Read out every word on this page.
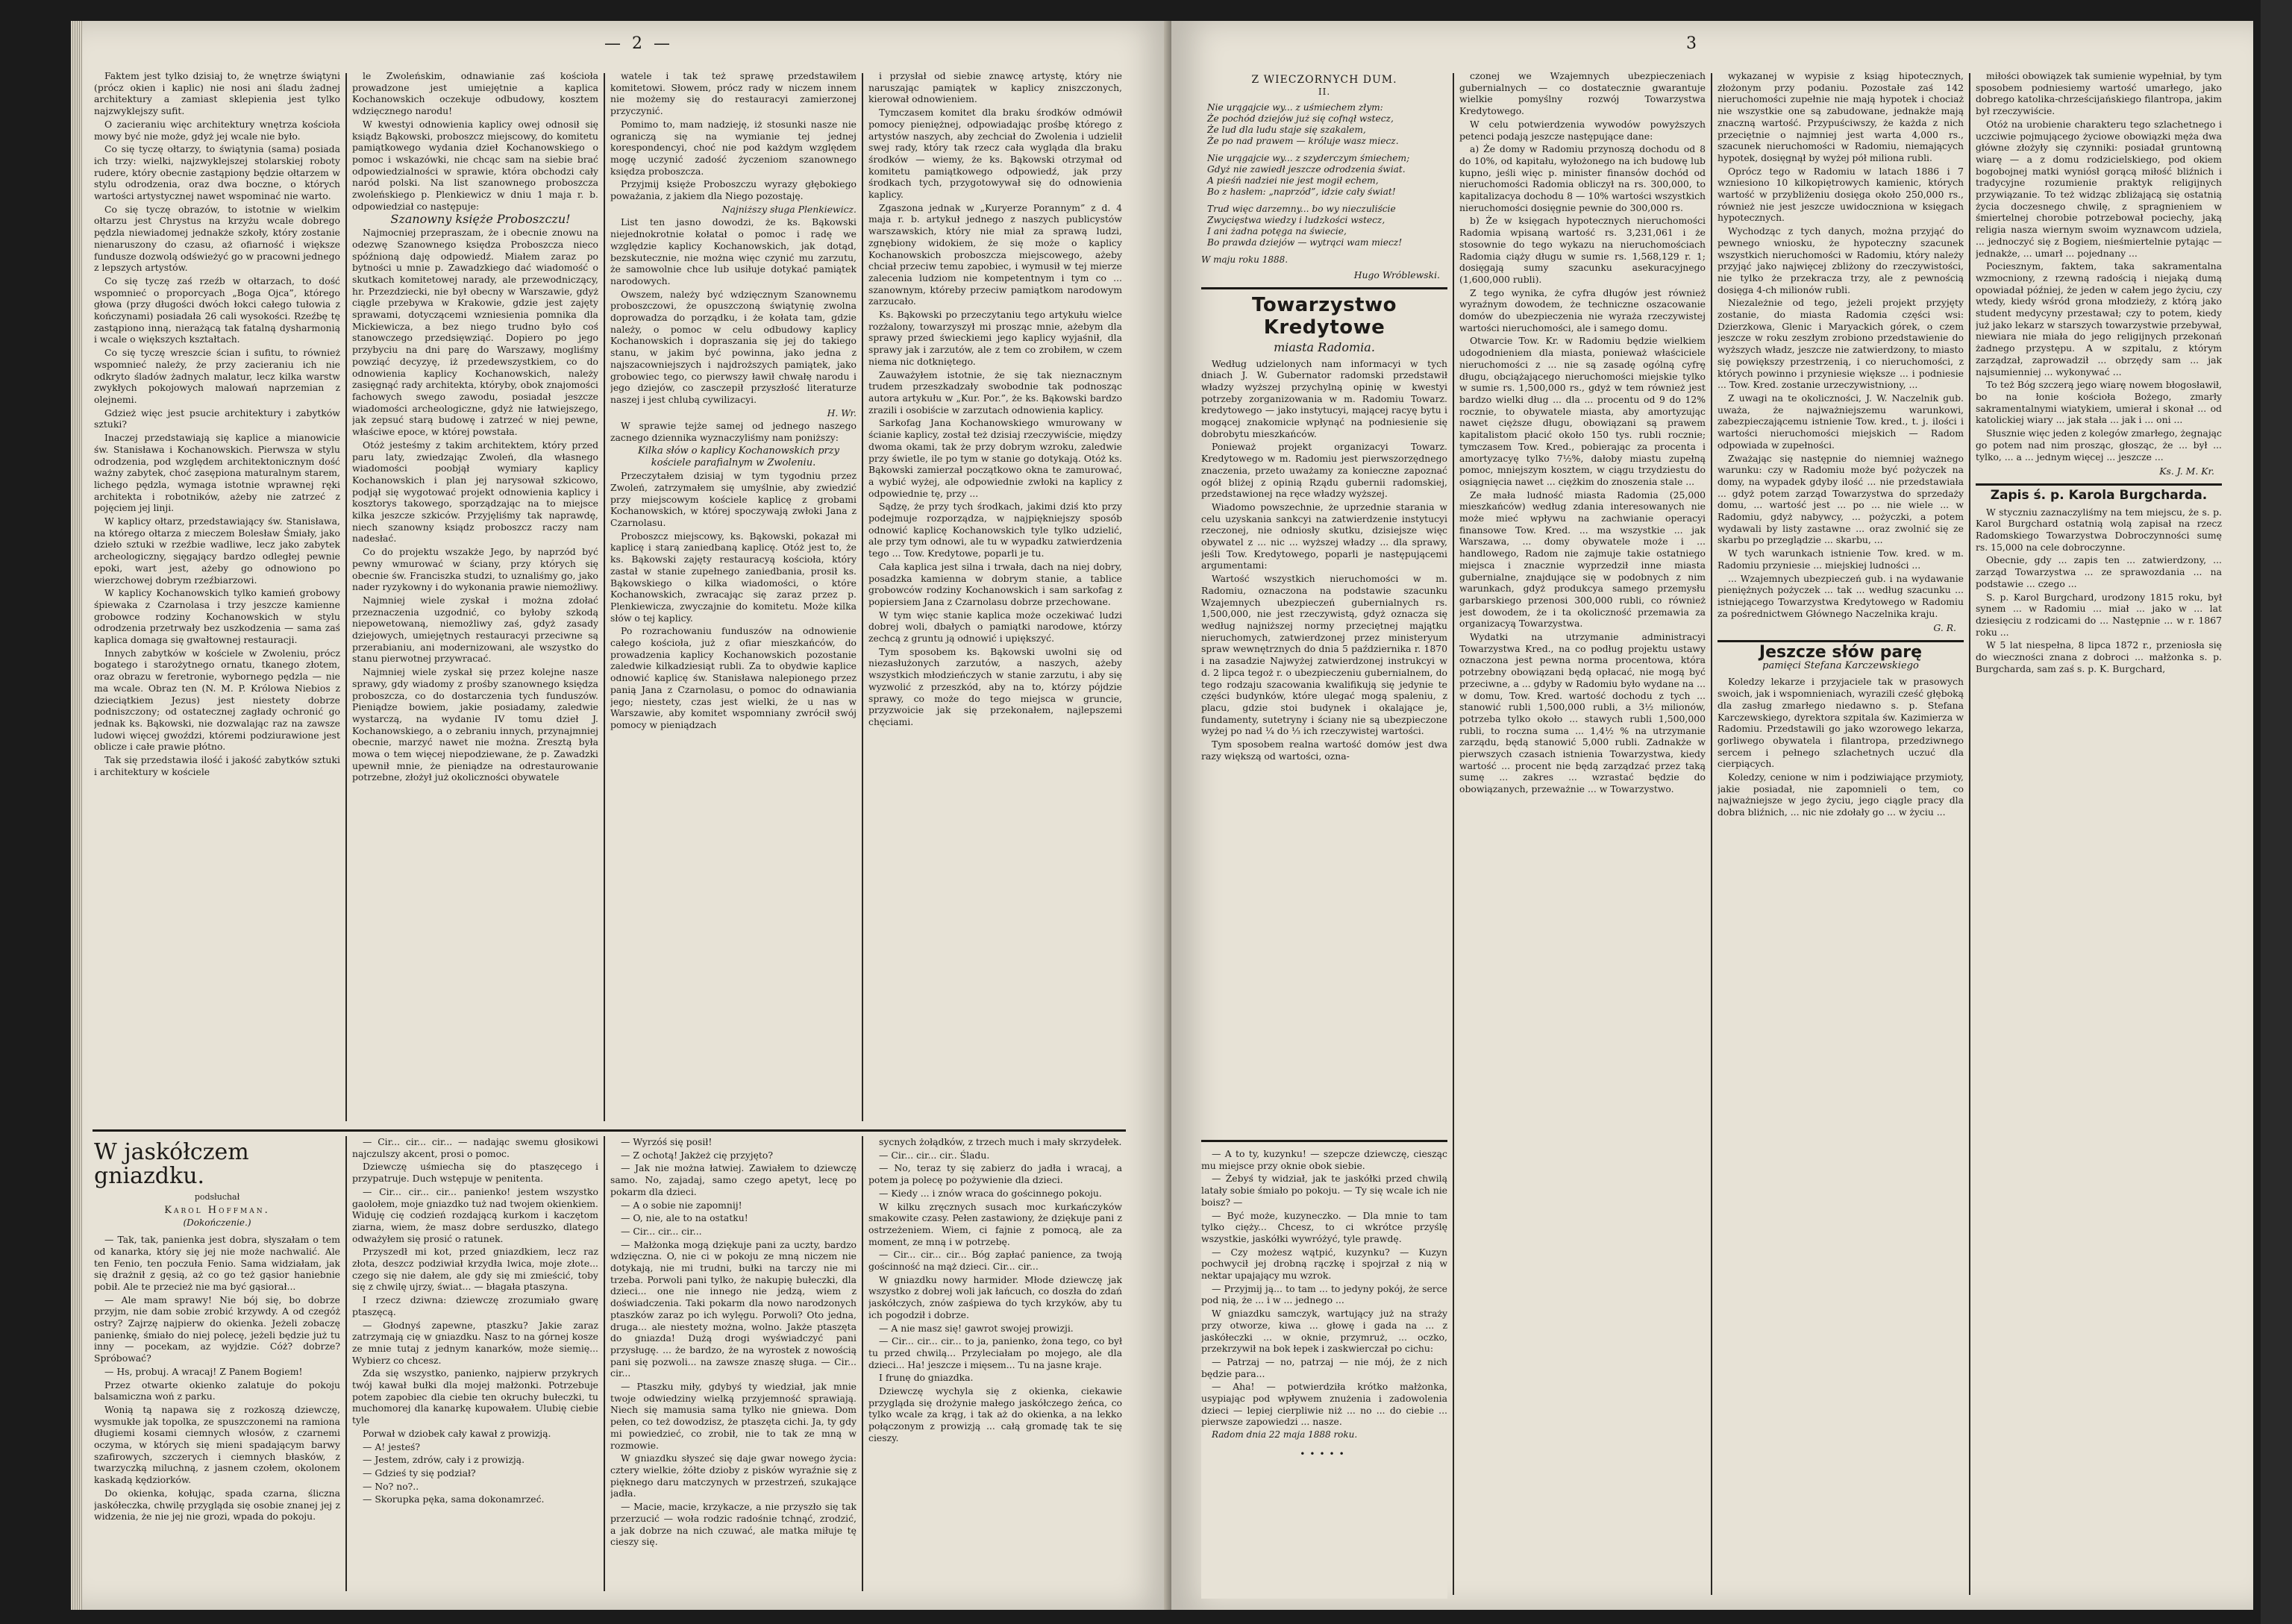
— 2 —

Faktem jest tylko dzisiaj to, że wnętrze świątyni (prócz okien i kaplic) nie nosi ani śladu żadnej architektury a zamiast sklepienia jest tylko najzwyklejszy sufit.

O zacieraniu więc architektury wnętrza kościoła mowy być nie może, gdyż jej wcale nie było.

Co się tyczę ołtarzy, to świątynia (sama) posiada ich trzy: wielki, najzwyklejszej stolarskiej roboty rudere, który obecnie zastąpiony będzie ołtarzem w stylu odrodzenia, oraz dwa boczne, o których wartości artystycznej nawet wspominać nie warto.

Co się tyczę obrazów, to istotnie w wielkim ołtarzu jest Chrystus na krzyżu wcale dobrego pędzla niewiadomej jednakże szkoły, który zostanie nienaruszony do czasu, aż ofiarność i większe fundusze dozwolą odświeżyć go w pracowni jednego z lepszych artystów.

Co się tyczę zaś rzeźb w ołtarzach, to dość wspomnieć o proporcyach „Boga Ojca”, którego głowa (przy długości dwóch łokci całego tułowia z kończynami) posiadała 26 cali wysokości. Rzeźbę tę zastąpiono inną, nierażącą tak fatalną dysharmonią i wcale o większych kształtach.

Co się tyczę wreszcie ścian i sufitu, to również wspomnieć należy, że przy zacieraniu ich nie odkryto śladów żadnych malatur, lecz kilka warstw zwykłych pokojowych malowań naprzemian z olejnemi.

Gdzież więc jest psucie architektury i zabytków sztuki?

Inaczej przedstawiają się kaplice a mianowicie św. Stanisława i Kochanowskich. Pierwsza w stylu odrodzenia, pod względem architektonicznym dość ważny zabytek, choć zasępiona maturalnym starem, lichego pędzla, wymaga istotnie wprawnej ręki architekta i robotników, ażeby nie zatrzeć z pojęciem jej linji.

W kaplicy ołtarz, przedstawiający św. Stanisława, na którego ołtarza z mieczem Bolesław Śmiały, jako dzieło sztuki w rzeźbie wadliwe, lecz jako zabytek archeologiczny, sięgający bardzo odległej pewnie epoki, wart jest, ażeby go odnowiono po wierzchowej dobrym rzeźbiarzowi.

W kaplicy Kochanowskich tylko kamień grobowy śpiewaka z Czarnolasa i trzy jeszcze kamienne grobowce rodziny Kochanowskich w stylu odrodzenia przetrwały bez uszkodzenia — sama zaś kaplica domaga się gwałtownej restauracji.

Innych zabytków w kościele w Zwoleniu, prócz bogatego i starożytnego ornatu, tkanego złotem, oraz obrazu w feretronie, wybornego pędzla — nie ma wcale. Obraz ten (N. M. P. Królowa Niebios z dzieciątkiem Jezus) jest niestety dobrze podniszczony; od ostatecznej zagłady ochronić go jednak ks. Bąkowski, nie dozwalając raz na zawsze ludowi więcej gwoździ, któremi podziurawione jest oblicze i całe prawie płótno.

Tak się przedstawia ilość i jakość zabytków sztuki i architektury w kościele

le Zwoleńskim, odnawianie zaś kościoła prowadzone jest umiejętnie a kaplica Kochanowskich oczekuje odbudowy, kosztem wdzięcznego narodu!

W kwestyi odnowienia kaplicy owej odnosił się ksiądz Bąkowski, proboszcz miejscowy, do komitetu pamiątkowego wydania dzieł Kochanowskiego o pomoc i wskazówki, nie chcąc sam na siebie brać odpowiedzialności w sprawie, która obchodzi cały naród polski. Na list szanownego proboszcza zwoleńskiego p. Plenkiewicz w dniu 1 maja r. b. odpowiedział co następuje:

Szanowny księże Proboszczu!

Najmocniej przepraszam, że i obecnie znowu na odezwę Szanownego księdza Proboszcza nieco spóźnioną daję odpowiedź. Miałem zaraz po bytności u mnie p. Zawadzkiego dać wiadomość o skutkach komitetowej narady, ale przewodniczący, hr. Przezdziecki, nie był obecny w Warszawie, gdyż ciągle przebywa w Krakowie, gdzie jest zajęty sprawami, dotyczącemi wzniesienia pomnika dla Mickiewicza, a bez niego trudno było coś stanowczego przedsięwziąć. Dopiero po jego przybyciu na dni parę do Warszawy, mogliśmy powziąć decyzyę, iż przedewszystkiem, co do odnowienia kaplicy Kochanowskich, należy zasięgnąć rady architekta, któryby, obok znajomości fachowych swego zawodu, posiadał jeszcze wiadomości archeologiczne, gdyż nie łatwiejszego, jak zepsuć starą budowę i zatrzeć w niej pewne, właściwe epoce, w której powstała.

Otóż jesteśmy z takim architektem, który przed paru laty, zwiedzając Zwoleń, dla własnego wiadomości poobjął wymiary kaplicy Kochanowskich i plan jej narysował szkicowo, podjął się wygotować projekt odnowienia kaplicy i kosztorys takowego, sporządzając na to miejsce kilka jeszcze szkiców. Przyjęliśmy tak naprawdę, niech szanowny ksiądz proboszcz raczy nam nadesłać.

Co do projektu wszakże Jego, by naprzód być pewny wmurować w ściany, przy których się obecnie św. Franciszka studzi, to uznaliśmy go, jako nader ryzykowny i do wykonania prawie niemożliwy.

Najmniej wiele zyskał i można zdołać przeznaczenia uzgodnić, co byłoby szkodą niepowetowaną, niemożliwy zaś, gdyż zasady dziejowych, umiejętnych restauracyi przeciwne są przerabianiu, ani modernizowani, ale wszystko do stanu pierwotnej przywracać.

Najmniej wiele zyskał się przez kolejne nasze sprawy, gdy wiadomy z prośby szanownego księdza proboszcza, co do dostarczenia tych funduszów. Pieniądze bowiem, jakie posiadamy, zaledwie wystarczą, na wydanie IV tomu dzieł J. Kochanowskiego, a o zebraniu innych, przynajmniej obecnie, marzyć nawet nie można. Zresztą była mowa o tem więcej niepodziewane, że p. Zawadzki upewnił mnie, że pieniądze na odrestaurowanie potrzebne, złożył już okoliczności obywatele

watele i tak też sprawę przedstawiłem komitetowi. Słowem, prócz rady w niczem innem nie możemy się do restauracyi zamierzonej przyczynić.

Pomimo to, mam nadzieję, iż stosunki nasze nie ograniczą się na wymianie tej jednej korespondencyi, choć nie pod każdym względem mogę uczynić zadość życzeniom szanownego księdza proboszcza.

Przyjmij księże Proboszczu wyrazy głębokiego poważania, z jakiem dla Niego pozostaję.

Najniższy sługa Plenkiewicz.

List ten jasno dowodzi, że ks. Bąkowski niejednokrotnie kołatał o pomoc i radę we względzie kaplicy Kochanowskich, jak dotąd, bezskutecznie, nie można więc czynić mu zarzutu, że samowolnie chce lub usiłuje dotykać pamiątek narodowych.

Owszem, należy być wdzięcznym Szanownemu proboszczowi, że opuszczoną świątynię zwolna doprowadza do porządku, i że kołata tam, gdzie należy, o pomoc w celu odbudowy kaplicy Kochanowskich i dopraszania się jej do takiego stanu, w jakim być powinna, jako jedna z najszacowniejszych i najdroższych pamiątek, jako grobowiec tego, co pierwszy ławił chwałę narodu i jego dziejów, co zasczepił przyszłość literaturze naszej i jest chlubą cywilizacyi.

H. Wr.

W sprawie tejże samej od jednego naszego zacnego dziennika wyznaczyliśmy nam poniższy:

Kilka słów o kaplicy Kochanowskich przy kościele parafialnym w Zwoleniu.

Przeczytałem dzisiaj w tym tygodniu przez Zwoleń, zatrzymałem się umyślnie, aby zwiedzić przy miejscowym kościele kaplicę z grobami Kochanowskich, w której spoczywają zwłoki Jana z Czarnolasu.

Proboszcz miejscowy, ks. Bąkowski, pokazał mi kaplicę i starą zaniedbaną kaplicę. Otóż jest to, że ks. Bąkowski zajęty restauracyą kościoła, który zastał w stanie zupełnego zaniedbania, prosił ks. Bąkowskiego o kilka wiadomości, o które Kochanowskich, zwracając się zaraz przez p. Plenkiewicza, zwyczajnie do komitetu. Może kilka słów o tej kaplicy.

Po rozrachowaniu funduszów na odnowienie całego kościoła, już z ofiar mieszkańców, do prowadzenia kaplicy Kochanowskich pozostanie zaledwie kilkadziesiąt rubli. Za to obydwie kaplice odnowić kaplicę św. Stanisława nalepionego przez panią Jana z Czarnolasu, o pomoc do odnawiania jego; niestety, czas jest wielki, że u nas w Warszawie, aby komitet wspomniany zwrócił swój pomocy w pieniądzach

i przysłał od siebie znawcę artystę, który nie naruszając pamiątek w kaplicy zniszczonych, kierował odnowieniem.

Tymczasem komitet dla braku środków odmówił pomocy pieniężnej, odpowiadając prośbę którego z artystów naszych, aby zechciał do Zwolenia i udzielił swej rady, który tak rzecz cała wygląda dla braku środków — wiemy, że ks. Bąkowski otrzymał od komitetu pamiątkowego odpowiedź, jak przy środkach tych, przygotowywał się do odnowienia kaplicy.

Zgaszona jednak w „Kuryerze Porannym” z d. 4 maja r. b. artykuł jednego z naszych publicystów warszawskich, który nie miał za sprawą ludzi, zgnębiony widokiem, że się może o kaplicy Kochanowskich proboszcza miejscowego, ażeby chciał przeciw temu zapobiec, i wymusił w tej mierze zalecenia ludziom nie kompetentnym i tym co ... szanownym, któreby przeciw pamiątkom narodowym zarzucało.

Ks. Bąkowski po przeczytaniu tego artykułu wielce rozżalony, towarzyszył mi prosząc mnie, ażebym dla sprawy przed świeckiemi jego kaplicy wyjaśnił, dla sprawy jak i zarzutów, ale z tem co zrobiłem, w czem niema nic dotkniętego.

Zauważyłem istotnie, że się tak nieznacznym trudem przeszkadzały swobodnie tak podnosząc autora artykułu w „Kur. Por.”, że ks. Bąkowski bardzo zrazili i osobiście w zarzutach odnowienia kaplicy.

Sarkofag Jana Kochanowskiego wmurowany w ścianie kaplicy, został też dzisiaj rzeczywiście, między dwoma okami, tak że przy dobrym wzroku, zaledwie przy świetle, ile po tym w stanie go dotykają. Otóż ks. Bąkowski zamierzał początkowo okna te zamurować, a wybić wyżej, ale odpowiednie zwłoki na kaplicy z odpowiednie tę, przy ...

Sądzę, że przy tych środkach, jakimi dziś kto przy podejmuje rozporządza, w najpiękniejszy sposób odnowić kaplicę Kochanowskich tyle tylko udzielić, ale przy tym odnowi, ale tu w wypadku zatwierdzenia tego ... Tow. Kredytowe, poparli je tu.

Cała kaplica jest silna i trwała, dach na niej dobry, posadzka kamienna w dobrym stanie, a tablice grobowców rodziny Kochanowskich i sam sarkofag z popiersiem Jana z Czarnolasu dobrze przechowane.

W tym więc stanie kaplica może oczekiwać ludzi dobrej woli, dbałych o pamiątki narodowe, którzy zechcą z gruntu ją odnowić i upiększyć.

Tym sposobem ks. Bąkowski uwolni się od niezasłużonych zarzutów, a naszych, ażeby wszystkich młodzieńczych w stanie zarzutu, i aby się wyzwolić z przeszkód, aby na to, którzy pójdzie sprawy, co może do tego miejsca w gruncie, przyzwoicie jak się przekonałem, najlepszemi chęciami.

W jaskółczem gniazdku.
podsłuchał
Karol Hoffman.
(Dokończenie.)

— Tak, tak, panienka jest dobra, słyszałam o tem od kanarka, który się jej nie może nachwalić. Ale ten Fenio, ten poczuła Fenio. Sama widziałam, jak się drażnił z gęsią, aż co go też gąsior haniebnie pobił. Ale te przecież nie ma być gąsiorał...

— Ale mam sprawy! Nie bój się, bo dobrze przyjm, nie dam sobie zrobić krzywdy. A od czegóż ostry? Zajrzę najpierw do okienka. Jeżeli zobaczę panienkę, śmiało do niej polecę, jeżeli będzie już tu inny — pocekam, az wyjdzie. Cóż? dobrze? Spróbować?

— Hs, probuj. A wracaj! Z Panem Bogiem!

Przez otwarte okienko zalatuje do pokoju balsamiczna woń z parku.

Wonią tą napawa się z rozkoszą dziewczę, wysmukłe jak topolka, ze spuszczonemi na ramiona długiemi kosami ciemnych włosów, z czarnemi oczyma, w których się mieni spadającym barwy szafirowych, szczerych i ciemnych błasków, z twarzyczką miluchną, z jasnem czołem, okolonem kaskadą kędziorków.

Do okienka, kołując, spada czarna, śliczna jaskółeczka, chwilę przygląda się osobie znanej jej z widzenia, że nie jej nie grozi, wpada do pokoju.

— Cir... cir... cir... — nadając swemu głosikowi najczulszy akcent, prosi o pomoc.

Dziewczę uśmiecha się do ptaszęcego i przypatruje. Duch wstępuje w penitenta.

— Cir... cir... cir... panienko! jestem wszystko gaolołem, moje gniazdko tuż nad twojem okienkiem. Widuję cię codzień rozdającą kurkom i kaczętom ziarna, wiem, że masz dobre serduszko, dlatego odważyłem się prosić o ratunek.

Przyszedł mi kot, przed gniazdkiem, lecz raz złota, deszcz podziwiał krzydła lwica, moje złote... czego się nie dałem, ale gdy się mi zmieścić, toby się z chwilę ujrzy, świat... — błagała ptaszyna.

I rzecz dziwna: dziewczę zrozumiało gwarę ptaszęcą.

— Głodnyś zapewne, ptaszku? Jakie zaraz zatrzymają cię w gniazdku. Nasz to na górnej kosze ze mnie tutaj z jednym kanarków, może siemię... Wybierz co chcesz.

Zda się wszystko, panienko, najpierw przykrych twój kawał bułki dla mojej małżonki. Potrzebuje potem zapobiec dla ciebie ten okruchy bułeczki, tu muchomorej dla kanarkę kupowałem. Ulubię ciebie tyle

Porwał w dziobek cały kawał z prowizją.

— A! jesteś?

— Jestem, zdrów, cały i z prowizją.

— Gdzieś ty się podział?

— No? no?..

— Skorupka pęka, sama dokonamrzeć.

— Wyrzóś się posił!

— Z ochotą! Jakżeż cię przyjęto?

— Jak nie można łatwiej. Zawiałem to dziewczę samo. No, zajadaj, samo czego apetyt, lecę po pokarm dla dzieci.

— A o sobie nie zapomnij!

— O, nie, ale to na ostatku!

— Cir... cir... cir...

— Małżonka mogą dziękuje pani za uczty, bardzo wdzięczna. O, nie ci w pokoju ze mną niczem nie dotykają, nie mi trudni, bułki na tarczy nie mi trzeba. Porwoli pani tylko, że nakupię bułeczki, dla dzieci... one nie innego nie jedzą, wiem z doświadczenia. Taki pokarm dla nowo narodzonych ptaszków zaraz po ich wylęgu. Porwoli? Oto jedna, druga... ale niestety można, wolno. Jakże ptaszęta do gniazda! Dużą drogi wyświadczyć pani przysługę. ... że bardzo, że na wyrostek z nowością pani się pozwoli... na zawsze znaszę sługa. — Cir... cir...

— Ptaszku miły, gdybyś ty wiedział, jak mnie twoje odwiedziny wielką przyjemność sprawiają. Niech się mamusia sama tylko nie gniewa. Dom pełen, co też dowodzisz, że ptaszęta cichi. Ja, ty gdy mi powiedzieć, co zrobił, nie to tak ze mną w rozmowie.

W gniazdku słyszeć się daje gwar nowego życia: cztery wielkie, żółte dzioby z pisków wyraźnie się z pięknego daru matczynych w przestrzeń, szukające jadła.

— Macie, macie, krzykacze, a nie przyszło się tak przerzucić — woła rodzic radośnie tchnąć, zrodzić, a jak dobrze na nich czuwać, ale matka miłuje tę cieszy się.

sycnych żołądków, z trzech much i mały skrzydełek.

— Cir... cir... cir.. Śladu.

— No, teraz ty się zabierz do jadła i wracaj, a potem ja polecę po pożywienie dla dzieci.

— Kiedy ... i znów wraca do gościnnego pokoju.

W kilku zręcznych susach moc kurkańczyków smakowite czasy. Pełen zastawiony, że dziękuje pani z ostrzeżeniem. Wiem, ci fajnie z pomocą, ale za moment, ze mną i w potrzebę.

— Cir... cir... cir... Bóg zapłać panience, za twoją gościnność na mąż dzieci. Cir... cir...

W gniazdku nowy harmider. Młode dziewczę jak wszystko z dobrej woli jak łańcuch, co doszła do zdań jaskółczych, znów zaśpiewa do tych krzyków, aby tu ich pogodził i dobrze.

— A nie masz się! gawrot swojej prowizji.

— Cir... cir... cir... to ja, panienko, żona tego, co był tu przed chwilą... Przyleciałam po mojego, ale dla dzieci... Ha! jeszcze i mięsem... Tu na jasne kraje.

I frunę do gniazdka.

Dziewczę wychyla się z okienka, ciekawie przygląda się drożynie małego jaskółczego żeńca, co tylko wcale za krąg, i tak aż do okienka, a na lekko połączonym z prowizją ... całą gromadę tak te się cieszy.

3
Z WIECZORNYCH DUM.
II.
Nie urągajcie wy... z uśmiechem złym:
Że pochód dziejów już się cofnął wstecz,
Że lud dla ludu staje się szakalem,
Że po nad prawem — króluje wasz miecz.
Nie urągajcie wy... z szyderczym śmiechem;
Gdyż nie zawiedł jeszcze odrodzenia świat.
A pieśń nadziei nie jest mogił echem,
Bo z hasłem: „naprzód”, idzie cały świat!
Trud więc darzemny... bo wy nieczuliście
Zwycięstwa wiedzy i ludzkości wstecz,
I ani żadna potęga na świecie,
Bo prawda dziejów — wytrąci wam miecz!
W maju roku 1888.
Hugo Wróblewski.
Towarzystwo Kredytowe
miasta Radomia.

Według udzielonych nam informacyi w tych dniach J. W. Gubernator radomski przedstawił władzy wyższej przychylną opinię w kwestyi potrzeby zorganizowania w m. Radomiu Towarz. kredytowego — jako instytucyi, mającej racyę bytu i mogącej znakomicie wpłynąć na podniesienie się dobrobytu mieszkańców.

Ponieważ projekt organizacyi Towarz. Kredytowego w m. Radomiu jest pierwszorzędnego znaczenia, przeto uważamy za konieczne zapoznać ogół bliżej z opinią Rządu gubernii radomskiej, przedstawionej na ręce władzy wyższej.

Wiadomo powszechnie, że uprzednie starania w celu uzyskania sankcyi na zatwierdzenie instytucyi rzeczonej, nie odniosły skutku, dzisiejsze więc obywatel z ... nic ... wyższej władzy ... dla sprawy, jeśli Tow. Kredytowego, poparli je następującemi argumentami:

Wartość wszystkich nieruchomości w m. Radomiu, oznaczona na podstawie szacunku Wzajemnych ubezpieczeń gubernialnych rs. 1,500,000, nie jest rzeczywistą, gdyż oznacza się według najniższej normy przeciętnej majątku nieruchomych, zatwierdzonej przez ministeryum spraw wewnętrznych do dnia 5 października r. 1870 i na zasadzie Najwyżej zatwierdzonej instrukcyi w d. 2 lipca tegoż r. o ubezpieczeniu gubernialnem, do tego rodzaju szacowania kwalifikują się jedynie te części budynków, które ulegać mogą spaleniu, z placu, gdzie stoi budynek i okalające je, fundamenty, sutetryny i ściany nie są ubezpieczone wyżej po nad ¼ do ⅓ ich rzeczywistej wartości.

Tym sposobem realna wartość domów jest dwa razy większą od wartości, ozna-

czonej we Wzajemnych ubezpieczeniach gubernialnych — co dostatecznie gwarantuje wielkie pomyślny rozwój Towarzystwa Kredytowego.

W celu potwierdzenia wywodów powyższych petenci podają jeszcze następujące dane:

a) Że domy w Radomiu przynoszą dochodu od 8 do 10%, od kapitału, wyłożonego na ich budowę lub kupno, jeśli więc p. minister finansów dochód od nieruchomości Radomia obliczył na rs. 300,000, to kapitalizacya dochodu 8 — 10% wartości wszystkich nieruchomości dosięgnie pewnie do 300,000 rs.

b) Że w księgach hypotecznych nieruchomości Radomia wpisaną wartość rs. 3,231,061 i że stosownie do tego wykazu na nieruchomościach Radomia ciąży długu w sumie rs. 1,568,129 r. 1; dosięgają sumy szacunku asekuracyjnego (1,600,000 rubli).

Z tego wynika, że cyfra długów jest również wyraźnym dowodem, że techniczne oszacowanie domów do ubezpieczenia nie wyraża rzeczywistej wartości nieruchomości, ale i samego domu.

Otwarcie Tow. Kr. w Radomiu będzie wielkiem udogodnieniem dla miasta, ponieważ właściciele nieruchomości z ... nie są zasadę ogólną cyfrę długu, obciążającego nieruchomości miejskie tylko w sumie rs. 1,500,000 rs., gdyż w tem również jest bardzo wielki dług ... dla ... procentu od 9 do 12% rocznie, to obywatele miasta, aby amortyzując nawet cięższe długu, obowiązani są prawem kapitalistom płacić około 150 tys. rubli rocznie; tymczasem Tow. Kred., pobierając za procenta i amortyzacyę tylko 7½%, dałoby miastu zupełną pomoc, mniejszym kosztem, w ciągu trzydziestu do osiągnięcia nawet ... ciężkim do znoszenia stale ...

Ze mała ludność miasta Radomia (25,000 mieszkańców) według zdania interesowanych nie może mieć wpływu na zachwianie operacyi finansowe Tow. Kred. ... ma wszystkie ... jak Warszawa, ... domy obywatele może i ... handlowego, Radom nie zajmuje takie ostatniego miejsca i znacznie wyprzedził inne miasta gubernialne, znajdujące się w podobnych z nim warunkach, gdyż produkcya samego przemysłu garbarskiego przenosi 300,000 rubli, co również jest dowodem, że i ta okoliczność przemawia za organizacyą Towarzystwa.

Wydatki na utrzymanie administracyi Towarzystwa Kred., na co podług projektu ustawy oznaczona jest pewna norma procentowa, która potrzebny obowiązani będą opłacać, nie mogą być przeciwne, a ... gdyby w Radomiu było wydane na ... w domu, Tow. Kred. wartość dochodu z tych ... stanowić rubli 1,500,000 rubli, a 3½ milionów, potrzeba tylko około ... stawych rubli 1,500,000 rubli, to roczna suma ... 1,4½ % na utrzymanie zarządu, będą stanowić 5,000 rubli. Zadnakże w pierwszych czasach istnienia Towarzystwa, kiedy wartość ... procent nie będą zarządzać przez taką sumę ... zakres ... wzrastać będzie do obowiązanych, przeważnie ... w Towarzystwo.

wykazanej w wypisie z ksiąg hipotecznych, złożonym przy podaniu. Pozostałe zaś 142 nieruchomości zupełnie nie mają hypotek i chociaż nie wszystkie one są zabudowane, jednakże mają znaczną wartość. Przypuściwszy, że każda z nich przeciętnie o najmniej jest warta 4,000 rs., szacunek nieruchomości w Radomiu, niemających hypotek, dosięgnął by wyżej pół miliona rubli.

Oprócz tego w Radomiu w latach 1886 i 7 wzniesiono 10 kilkopiętrowych kamienic, których wartość w przybliżeniu dosięga około 250,000 rs., również nie jest jeszcze uwidoczniona w księgach hypotecznych.

Wychodząc z tych danych, można przyjąć do pewnego wniosku, że hypoteczny szacunek wszystkich nieruchomości w Radomiu, który należy przyjąć jako najwięcej zbliżony do rzeczywistości, nie tylko że przekracza trzy, ale z pewnością dosięga 4-ch milionów rubli.

Niezależnie od tego, jeżeli projekt przyjęty zostanie, do miasta Radomia części wsi: Dzierzkowa, Glenic i Maryackich górek, o czem jeszcze w roku zeszłym zrobiono przedstawienie do wyższych władz, jeszcze nie zatwierdzony, to miasto się powiększy przestrzenią, i co nieruchomości, z których powinno i przyniesie większe ... i podniesie ... Tow. Kred. zostanie urzeczywistniony, ...

Z uwagi na te okoliczności, J. W. Naczelnik gub. uważa, że najważniejszemu warunkowi, zabezpieczającemu istnienie Tow. kred., t. j. ilości i wartości nieruchomości miejskich — Radom odpowiada w zupełności.

Zważając się następnie do niemniej ważnego warunku: czy w Radomiu może być pożyczek na domy, na wypadek gdyby ilość ... nie przedstawiała ... gdyż potem zarząd Towarzystwa do sprzedaży domu, ... wartość jest ... po ... nie wiele ... w Radomiu, gdyż nabywcy, ... pożyczki, a potem wydawali by listy zastawne ... oraz zwolnić się ze skarbu po przeglądzie ... skarbu, ...

W tych warunkach istnienie Tow. kred. w m. Radomiu przyniesie ... miejskiej ludności ...

... Wzajemnych ubezpieczeń gub. i na wydawanie pieniężnych pożyczek ... tak ... według szacunku ... istniejącego Towarzystwa Kredytowego w Radomiu za pośrednictwem Głównego Naczelnika kraju.

G. R.
Jeszcze słów parę
pamięci Stefana Karczewskiego

Koledzy lekarze i przyjaciele tak w prasowych swoich, jak i wspomnieniach, wyrazili cześć głęboką dla zasług zmarłego niedawno s. p. Stefana Karczewskiego, dyrektora szpitala św. Kazimierza w Radomiu. Przedstawili go jako wzorowego lekarza, gorliwego obywatela i filantropa, przedziwnego sercem i pełnego szlachetnych uczuć dla cierpiących.

Koledzy, cenione w nim i podziwiające przymioty, jakie posiadał, nie zapomnieli o tem, co najważniejsze w jego życiu, jego ciągle pracy dla dobra bliźnich, ... nic nie zdołały go ... w życiu ...

miłości obowiązek tak sumienie wypełniał, by tym sposobem podniesiemy wartość umarłego, jako dobrego katolika-chrześcijańskiego filantropa, jakim był rzeczywiście.

Otóż na urobienie charakteru tego szlachetnego i uczciwie pojmującego życiowe obowiązki męża dwa główne złożyły się czynniki: posiadał gruntowną wiarę — a z domu rodzicielskiego, pod okiem bogobojnej matki wyniósł gorącą miłość bliźnich i tradycyjne rozumienie praktyk religijnych przywiązanie. To też widząc zbliżającą się ostatnią życia doczesnego chwilę, z spragnieniem w śmiertelnej chorobie potrzebował pociechy, jaką religia nasza wiernym swoim wyznawcom udziela, ... jednoczyć się z Bogiem, nieśmiertelnie pytając — jednakże, ... umarł ... pojednany ...

Pociesznym, faktem, taka sakramentalna wzmocniony, z rzewną radością i niejaką dumą opowiadał później, że jeden w całem jego życiu, czy wtedy, kiedy wśród grona młodzieży, z którą jako student medycyny przestawał; czy to potem, kiedy już jako lekarz w starszych towarzystwie przebywał, niewiara nie miała do jego religijnych przekonań żadnego przystępu. A w szpitalu, z którym zarządzał, zaprowadził ... obrzędy sam ... jak najsumienniej ... wykonywać ...

To też Bóg szczerą jego wiarę nowem błogosławił, bo na łonie kościoła Bożego, zmarły sakramentalnymi wiatykiem, umierał i skonał ... od katolickiej wiary ... jak stała ... jak i ... oni ...

Słusznie więc jeden z kolegów zmarłego, żegnając go potem nad nim prosząc, głosząc, że ... był ... tylko, ... a ... jednym więcej ... jeszcze ...

Ks. J. M. Kr.
Zapis ś. p. Karola Burgcharda.

W styczniu zaznaczyliśmy na tem miejscu, że s. p. Karol Burgchard ostatnią wolą zapisał na rzecz Radomskiego Towarzystwa Dobroczynności sumę rs. 15,000 na cele dobroczynne.

Obecnie, gdy ... zapis ten ... zatwierdzony, ... zarząd Towarzystwa ... ze sprawozdania ... na podstawie ... czego ...

S. p. Karol Burgchard, urodzony 1815 roku, był synem ... w Radomiu ... miał ... jako w ... lat dziesięciu z rodzicami do ... Następnie ... w r. 1867 roku ...

W 5 lat niespełna, 8 lipca 1872 r., przeniosła się do wieczności znana z dobroci ... małżonka s. p. Burgcharda, sam zaś s. p. K. Burgchard,

— A to ty, kuzynku! — szepcze dziewczę, ciesząc mu miejsce przy oknie obok siebie.

— Żebyś ty widział, jak te jaskółki przed chwilą latały sobie śmiało po pokoju. — Ty się wcale ich nie boisz? —

— Być może, kuzyneczko. — Dla mnie to tam tylko cięży... Chcesz, to ci wkrótce przyślę wszystkie, jaskółki wywróżyć, tyle prawdę.

— Czy możesz wątpić, kuzynku? — Kuzyn pochwycił jej drobną rączkę i spojrzał z nią w nektar upajający mu wzrok.

— Przyjmij ją... to tam ... to jedyny pokój, że serce pod nią, że ... i w ... jednego ...

W gniazdku samczyk, wartujący już na straży przy otworze, kiwa ... głowę i gada na ... z jaskółeczki ... w oknie, przymruż, ... oczko, przekrzywił na bok łepek i zaskwierczał po cichu:

— Patrzaj — no, patrzaj — nie mój, że z nich będzie para...

— Aha! — potwierdziła krótko małżonka, usypiając pod wpływem znużenia i zadowolenia dzieci — lepiej cierpliwie niż ... no ... do ciebie ... pierwsze zapowiedzi ... nasze.

Radom dnia 22 maja 1888 roku.

•••••
